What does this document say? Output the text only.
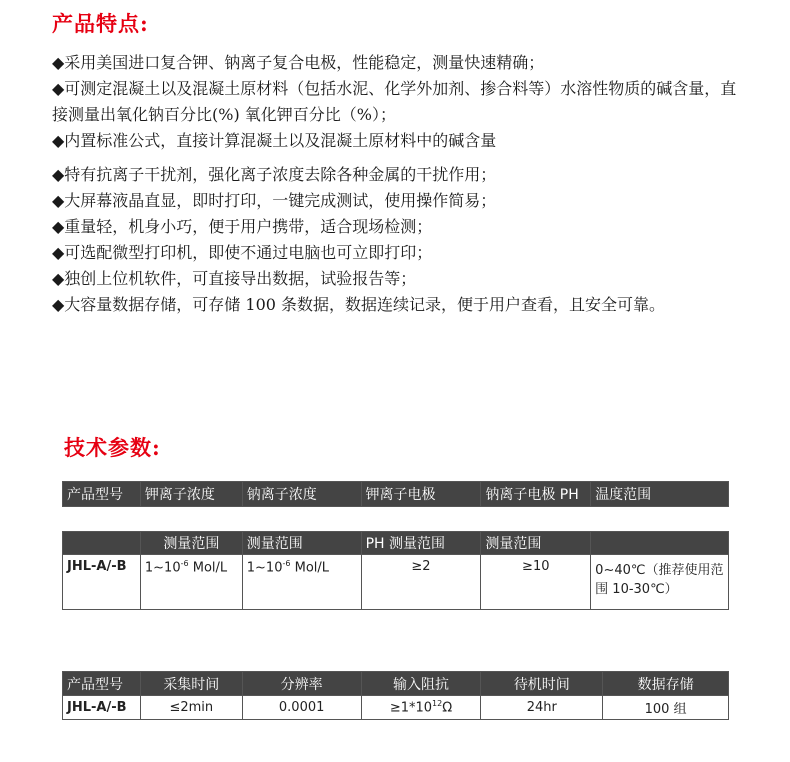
产品特点:

◆采用美国进口复合钾、钠离子复合电极，性能稳定，测量快速精确；

◆可测定混凝土以及混凝土原材料（包括水泥、化学外加剂、掺合料等）水溶性物质的碱含量，直接测量出氧化钠百分比(%) 氧化钾百分比（%）；

◆内置标准公式，直接计算混凝土以及混凝土原材料中的碱含量

◆特有抗离子干扰剂，强化离子浓度去除各种金属的干扰作用；

◆大屏幕液晶直显，即时打印，一键完成测试，使用操作简易；

◆重量轻，机身小巧，便于用户携带，适合现场检测；

◆可选配微型打印机，即使不通过电脑也可立即打印；

◆独创上位机软件，可直接导出数据，试验报告等；

◆大容量数据存储，可存储 100 条数据，数据连续记录，便于用户查看，且安全可靠。

技术参数:
产品型号	钾离子浓度	钠离子浓度	钾离子电极	钠离子电极 PH	温度范围
	测量范围	测量范围	PH 测量范围	测量范围	
JHL-A/-B	$1\sim 10^{-6}$ Mol/L	$1\sim 10^{-6}$ Mol/L	≥2	≥10	0~40℃（推荐使用范围 10-30℃）
产品型号	采集时间	分辨率	输入阻抗	待机时间	数据存储
JHL-A/-B	≤2min	0.0001	$\ge 1*10^{12}\Omega$	24hr	100 组
